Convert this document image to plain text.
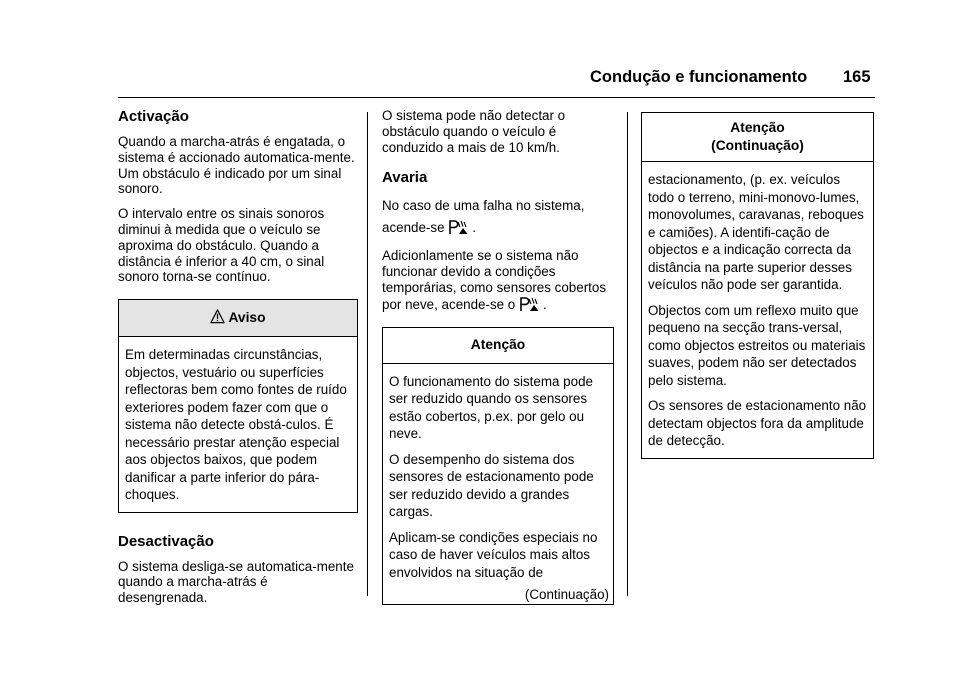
Condução e funcionamento 165
Activação

Quando a marcha-atrás é engatada, o sistema é accionado automatica-mente. Um obstáculo é indicado por um sinal sonoro.

O intervalo entre os sinais sonoros diminui à medida que o veículo se aproxima do obstáculo. Quando a distância é inferior a 40 cm, o sinal sonoro torna-se contínuo.

Aviso

Em determinadas circunstâncias, objectos, vestuário ou superfícies reflectoras bem como fontes de ruído exteriores podem fazer com que o sistema não detecte obstá-culos. É necessário prestar atenção especial aos objectos baixos, que podem danificar a parte inferior do pára-choques.

Desactivação

O sistema desliga-se automatica-mente quando a marcha-atrás é desengrenada.

O sistema pode não detectar o obstáculo quando o veículo é conduzido a mais de 10 km/h.

Avaria

No caso de uma falha no sistema, acende-se .

Adicionlamente se o sistema não funcionar devido a condições temporárias, como sensores cobertos por neve, acende-se o .

Atenção

O funcionamento do sistema pode ser reduzido quando os sensores estão cobertos, p.ex. por gelo ou neve.

O desempenho do sistema dos sensores de estacionamento pode ser reduzido devido a grandes cargas.

Aplicam-se condições especiais no caso de haver veículos mais altos envolvidos na situação de

(Continuação)
Atenção
(Continuação)

estacionamento, (p. ex. veículos todo o terreno, mini-monovo-lumes, monovolumes, caravanas, reboques e camiões). A identifi-cação de objectos e a indicação correcta da distância na parte superior desses veículos não pode ser garantida.

Objectos com um reflexo muito que pequeno na secção trans-versal, como objectos estreitos ou materiais suaves, podem não ser detectados pelo sistema.

Os sensores de estacionamento não detectam objectos fora da amplitude de detecção.
